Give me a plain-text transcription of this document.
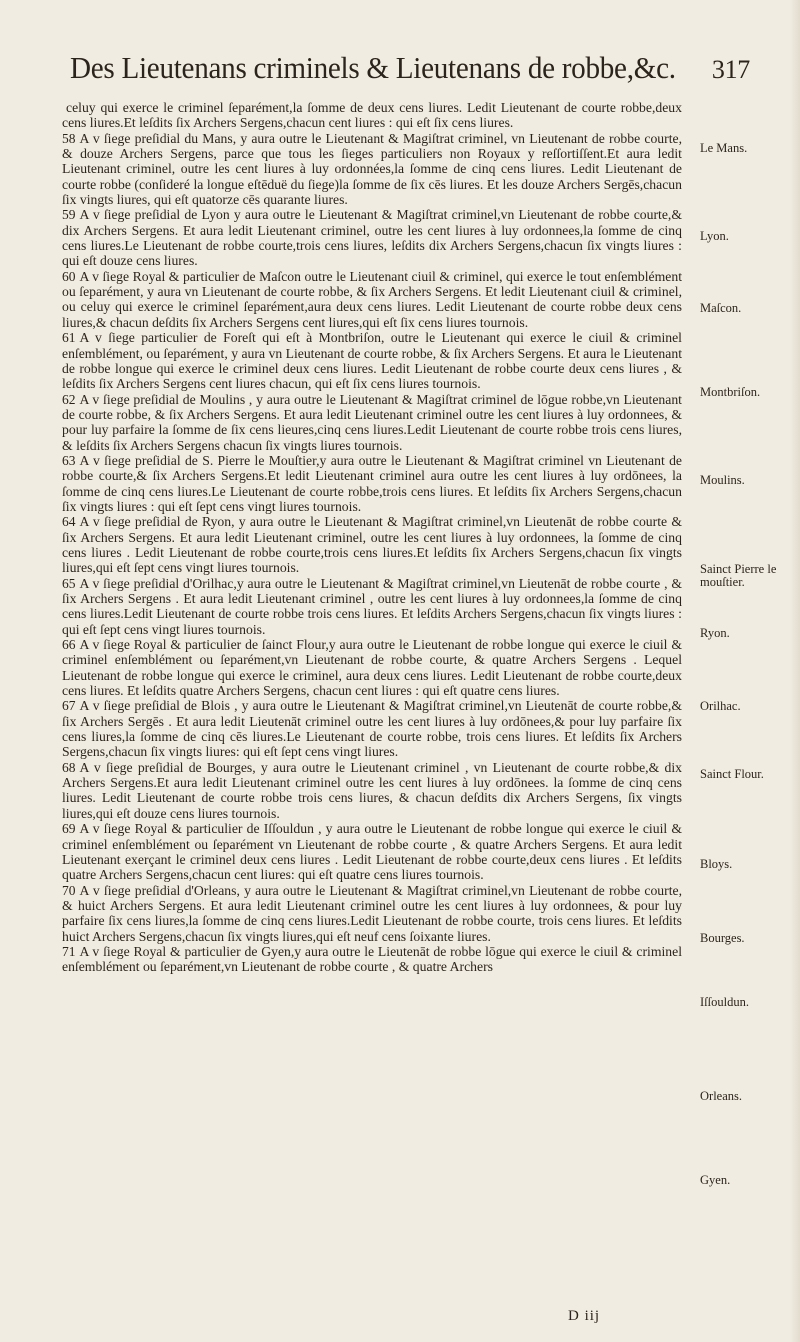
Des Lieutenans criminels & Lieutenans de robbe,&c. 317

celuy qui exerce le criminel ſeparément,la ſomme de deux cens liures. Ledit Lieutenant de courte robbe,deux cens liures.Et leſdits ſix Archers Sergens,chacun cent liures : qui eſt ſix cens liures.

58 A v ſiege preſidial du Mans, y aura outre le Lieutenant & Magiſtrat criminel, vn Lieutenant de robbe courte, & douze Archers Sergens, parce que tous les ſieges particuliers non Royaux y reſſortiſſent.Et aura ledit Lieutenant criminel, outre les cent liures à luy ordonnées,la ſomme de cinq cens liures. Ledit Lieutenant de courte robbe (conſideré la longue eſtēduë du ſiege)la ſomme de ſix cēs liures. Et les douze Archers Sergēs,chacun ſix vingts liures, qui eſt quatorze cēs quarante liures.

59 A v ſiege preſidial de Lyon y aura outre le Lieutenant & Magiſtrat criminel,vn Lieutenant de robbe courte,& dix Archers Sergens. Et aura ledit Lieutenant criminel, outre les cent liures à luy ordonnees,la ſomme de cinq cens liures.Le Lieutenant de robbe courte,trois cens liures, leſdits dix Archers Sergens,chacun ſix vingts liures : qui eſt douze cens liures.

60 A v ſiege Royal & particulier de Maſcon outre le Lieutenant ciuil & criminel, qui exerce le tout enſemblément ou ſeparément, y aura vn Lieutenant de courte robbe, & ſix Archers Sergens. Et ledit Lieutenant ciuil & criminel, ou celuy qui exerce le criminel ſeparément,aura deux cens liures. Ledit Lieutenant de courte robbe deux cens liures,& chacun deſdits ſix Archers Sergens cent liures,qui eſt ſix cens liures tournois.

61 A v ſiege particulier de Foreſt qui eſt à Montbriſon, outre le Lieutenant qui exerce le ciuil & criminel enſemblément, ou ſeparément, y aura vn Lieutenant de courte robbe, & ſix Archers Sergens. Et aura le Lieutenant de robbe longue qui exerce le criminel deux cens liures. Ledit Lieutenant de robbe courte deux cens liures , & leſdits ſix Archers Sergens cent liures chacun, qui eſt ſix cens liures tournois.

62 A v ſiege preſidial de Moulins , y aura outre le Lieutenant & Magiſtrat criminel de lōgue robbe,vn Lieutenant de courte robbe, & ſix Archers Sergens. Et aura ledit Lieutenant criminel outre les cent liures à luy ordonnees, & pour luy parfaire la ſomme de ſix cens lieures,cinq cens liures.Ledit Lieutenant de courte robbe trois cens liures, & leſdits ſix Archers Sergens chacun ſix vingts liures tournois.

63 A v ſiege preſidial de S. Pierre le Mouſtier,y aura outre le Lieutenant & Magiſtrat criminel vn Lieutenant de robbe courte,& ſix Archers Sergens.Et ledit Lieutenant criminel aura outre les cent liures à luy ordōnees, la ſomme de cinq cens liures.Le Lieutenant de courte robbe,trois cens liures. Et leſdits ſix Archers Sergens,chacun ſix vingts liures : qui eſt ſept cens vingt liures tournois.

64 A v ſiege preſidial de Ryon, y aura outre le Lieutenant & Magiſtrat criminel,vn Lieutenāt de robbe courte & ſix Archers Sergens. Et aura ledit Lieutenant criminel, outre les cent liures à luy ordonnees, la ſomme de cinq cens liures . Ledit Lieutenant de robbe courte,trois cens liures.Et leſdits ſix Archers Sergens,chacun ſix vingts liures,qui eſt ſept cens vingt liures tournois.

65 A v ſiege preſidial d'Orilhac,y aura outre le Lieutenant & Magiſtrat criminel,vn Lieutenāt de robbe courte , & ſix Archers Sergens . Et aura ledit Lieutenant criminel , outre les cent liures à luy ordonnees,la ſomme de cinq cens liures.Ledit Lieutenant de courte robbe trois cens liures. Et leſdits Archers Sergens,chacun ſix vingts liures : qui eſt ſept cens vingt liures tournois.

66 A v ſiege Royal & particulier de ſainct Flour,y aura outre le Lieutenant de robbe longue qui exerce le ciuil & criminel enſemblément ou ſeparément,vn Lieutenant de robbe courte, & quatre Archers Sergens . Lequel Lieutenant de robbe longue qui exerce le criminel, aura deux cens liures. Ledit Lieutenant de robbe courte,deux cens liures. Et leſdits quatre Archers Sergens, chacun cent liures : qui eſt quatre cens liures.

67 A v ſiege preſidial de Blois , y aura outre le Lieutenant & Magiſtrat criminel,vn Lieutenāt de courte robbe,& ſix Archers Sergēs . Et aura ledit Lieutenāt criminel outre les cent liures à luy ordōnees,& pour luy parfaire ſix cens liures,la ſomme de cinq cēs liures.Le Lieutenant de courte robbe, trois cens liures. Et leſdits ſix Archers Sergens,chacun ſix vingts liures: qui eſt ſept cens vingt liures.

68 A v ſiege preſidial de Bourges, y aura outre le Lieutenant criminel , vn Lieutenant de courte robbe,& dix Archers Sergens.Et aura ledit Lieutenant criminel outre les cent liures à luy ordōnees. la ſomme de cinq cens liures. Ledit Lieutenant de courte robbe trois cens liures, & chacun deſdits dix Archers Sergens, ſix vingts liures,qui eſt douze cens liures tournois.

69 A v ſiege Royal & particulier de Iſſouldun , y aura outre le Lieutenant de robbe longue qui exerce le ciuil & criminel enſemblément ou ſeparément vn Lieutenant de robbe courte , & quatre Archers Sergens. Et aura ledit Lieutenant exerçant le criminel deux cens liures . Ledit Lieutenant de robbe courte,deux cens liures . Et leſdits quatre Archers Sergens,chacun cent liures: qui eſt quatre cens liures tournois.

70 A v ſiege preſidial d'Orleans, y aura outre le Lieutenant & Magiſtrat criminel,vn Lieutenant de robbe courte, & huict Archers Sergens. Et aura ledit Lieutenant criminel outre les cent liures à luy ordonnees, & pour luy parfaire ſix cens liures,la ſomme de cinq cens liures.Ledit Lieutenant de robbe courte, trois cens liures. Et leſdits huict Archers Sergens,chacun ſix vingts liures,qui eſt neuf cens ſoixante liures.

71 A v ſiege Royal & particulier de Gyen,y aura outre le Lieutenāt de robbe lōgue qui exerce le ciuil & criminel enſemblément ou ſeparément,vn Lieutenant de robbe courte , & quatre Archers

Le Mans.
Lyon.
Maſcon.
Montbriſon.
Moulins.
Sainct Pierre le mouſtier.
Ryon.
Orilhac.
Sainct Flour.
Bloys.
Bourges.
Iſſouldun.
Orleans.
Gyen.
D iij
